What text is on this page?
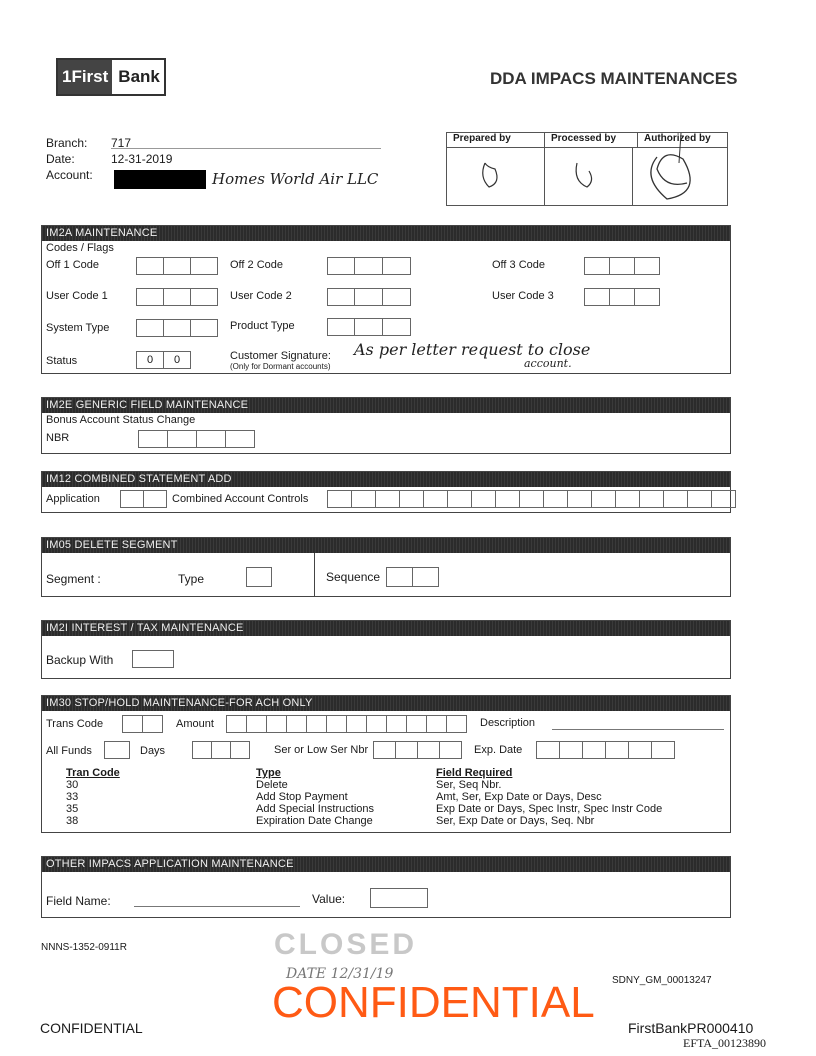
1First Bank	DDA IMPACS MAINTENANCES
Branch: 717
Date:	12-31-2019
Account:	Homes World Air LLC
Prepared by	Processed by	Authorized by
IM2A MAINTENANCE
Codes / Flags
Off 1 Code	Off 2 Code	Off 3 Code
User Code 1	User Code 2	User Code 3
System Type	Product Type
Status	0	0	Customer Signature:
(Only for Dormant accounts)
As per letter request to close
account.
IM2E GENERIC FIELD MAINTENANCE
Bonus Account Status Change
NBR
IM12 COMBINED STATEMENT ADD
Application	Combined Account Controls
IM05 DELETE SEGMENT
Segment :	Type	Sequence
IM2I INTEREST / TAX MAINTENANCE
Backup With
IM30 STOP/HOLD MAINTENANCE-FOR ACH ONLY
Trans Code	Amount	Description
All Funds	Days	Ser or Low Ser Nbr	Exp. Date
Tran Code	Type	Field Required
30	Delete	Ser, Seq Nbr.
33	Add Stop Payment	Amt, Ser, Exp Date or Days, Desc
35	Add Special Instructions	Exp Date or Days, Spec Instr, Spec Instr Code
38	Expiration Date Change	Ser, Exp Date or Days, Seq. Nbr
OTHER IMPACS APPLICATION MAINTENANCE
Field Name:	Value:
NNNS-1352-0911R	CLOSED
DATE 12/31/19	SDNY_GM_00013247
CONFIDENTIAL
CONFIDENTIAL
FirstBankPR000410
EFTA_00123890
